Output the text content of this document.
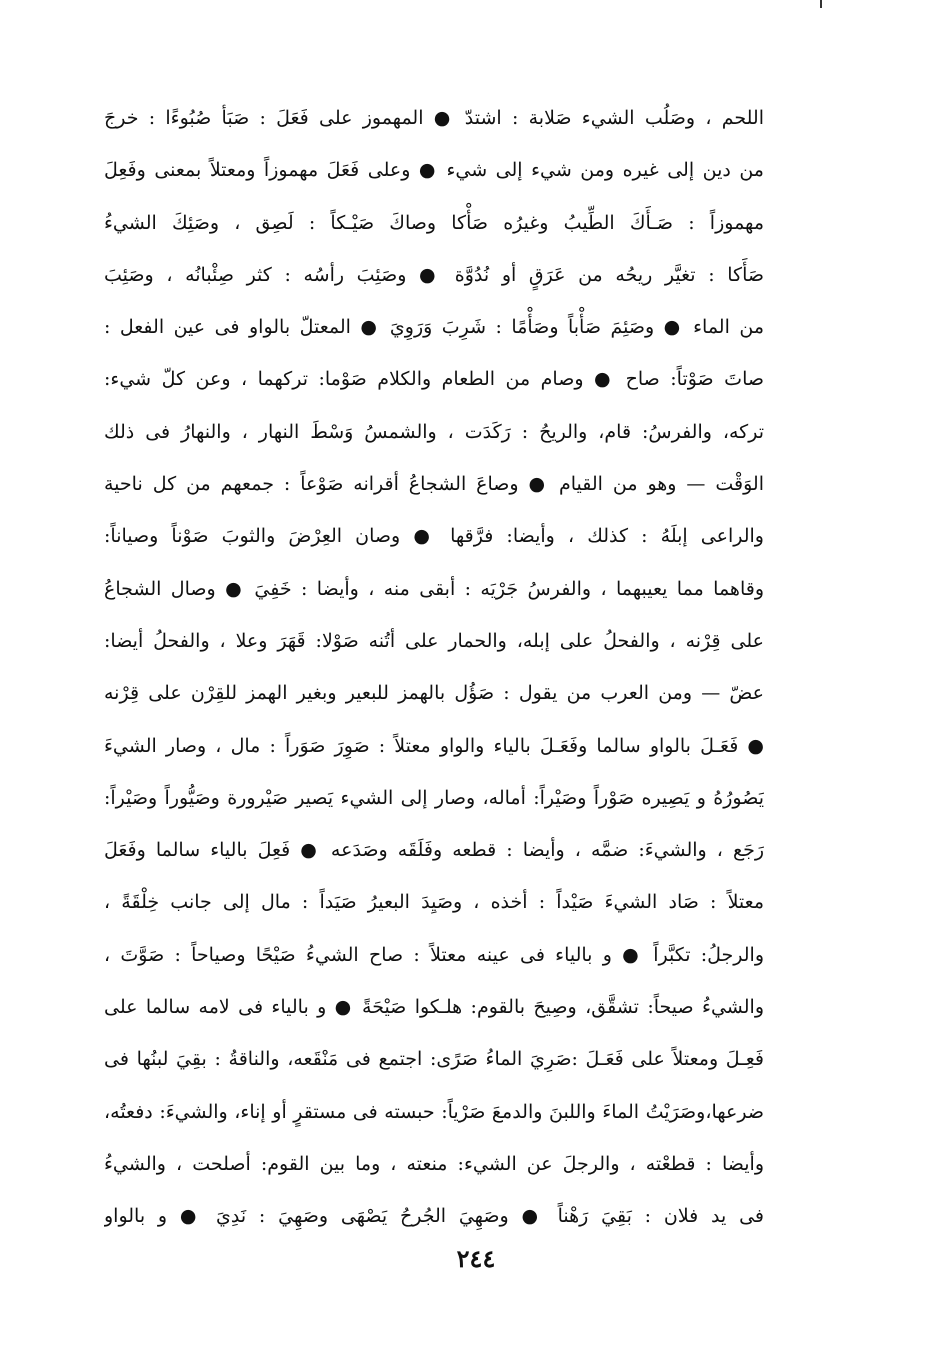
اللحم ، وصَلُب الشيء صَلابة : اشتدّ ● المهموز على فَعَلَ : صَبَأ صُبُوءًا : خرجَ
من دين إلى غيره ومن شيء إلى شيء ● وعلى فَعَلَ مهموزاً ومعتلاً بمعنى وفَعِلَ
مهموزاً : صَـأَكَ الطِّيبُ وغيرُه صَأْكا وصاكَ صَيْـكاً : لَصِق ، وصَئِكَ الشيءُ
صَأَكا : تغيَّر ريحُه من عَرَقٍ أو نُدُوَّة ● وصَئِبَ رأسُه : كثر صِئْبانُه ، وصَئِبَ
من الماء ● وصَئِمَ صَأْباً وصَأْمًا : شَرِبَ وَرَوِيَ ● المعتلّ بالواو فى عين الفعل :
صاتَ صَوْتاً: صاح ● وصام من الطعام والكلام صَوْما: تركهما ، وعن كلّ شيء:
تركه، والفرسُ: قام، والريحُ : رَكَدَت ، والشمسُ وَسْطَ النهار ، والنهارُ فى ذلك
الوَقْت — وهو من القيام ● وصاعَ الشجاعُ أقرانه صَوْعاً : جمعهم من كل ناحية
والراعى إبلَهُ : كذلك ، وأيضا: فرَّقها ● وصان العِرْضَ والثوبَ صَوْناً وصياناً:
وقاهما مما يعيبهما ، والفرسُ جَرْيَه : أبقى منه ، وأيضا : خَفِيَ ● وصال الشجاعُ
على قِرْنه ، والفحلُ على إبله، والحمار على أتُنه صَوْلا: قَهَرَ وعلا ، والفحلُ أيضا:
عضّ — ومن العرب من يقول : صَؤُل بالهمز للبعير وبغير الهمز للقِرْن على قِرْنه
● فَعَـلَ بالواو سالما وفَعَـلَ بالياء والواو معتلاً : صَوِرَ صَوَراً : مال ، وصار الشيءَ
يَصُورُهُ و يَصِيره صَوْراً وصَيْراً: أماله، وصار إلى الشيء يَصير صَيْرورة وصَيُّوراً وصَيْراً:
رَجَع ، والشيءَ: ضمَّه ، وأيضا : قطعه وفَلَقَه وصَدَعه ● فَعِلَ بالياء سالما وفَعَلَ
معتلاً : صَاد الشيءَ صَيْداً : أخذه ، وصَيِدَ البعيرُ صَيَداً : مال إلى جانب خِلْقَةً ،
والرجلُ: تكبَّراً ● و بالياء فى عينه معتلاً : صاح الشيءُ صَيْحًا وصياحاً : صَوَّتَ ،
والشيءُ صيحاً: تشقَّق، وصِيحَ بالقوم: هلـكوا صَيْحَةً ● و بالياء فى لامه سالما على
فَعِـلَ ومعتلاً على فَعَـلَ :صَرِيَ الماءُ صَرًى: اجتمع فى مَنْقَعه، والناقةُ : بقِيَ لبنُها فى
ضرعها،وصَرَيْتُ الماءَ واللبنَ والدمعَ صَرْياً: حبسته فى مستقرٍ أو إناء، والشيءَ: دفعتُه،
وأيضا : قطعْته ، والرجلَ عن الشيء: منعته ، وما بين القوم: أصلحت ، والشيءُ
فى يد فلان : بَقِيَ رَهْناً ● وصَهِيَ الجُرحُ يَصْهَى وصَهِيَ : نَدِيَ ● و بالواو
٢٤٤
